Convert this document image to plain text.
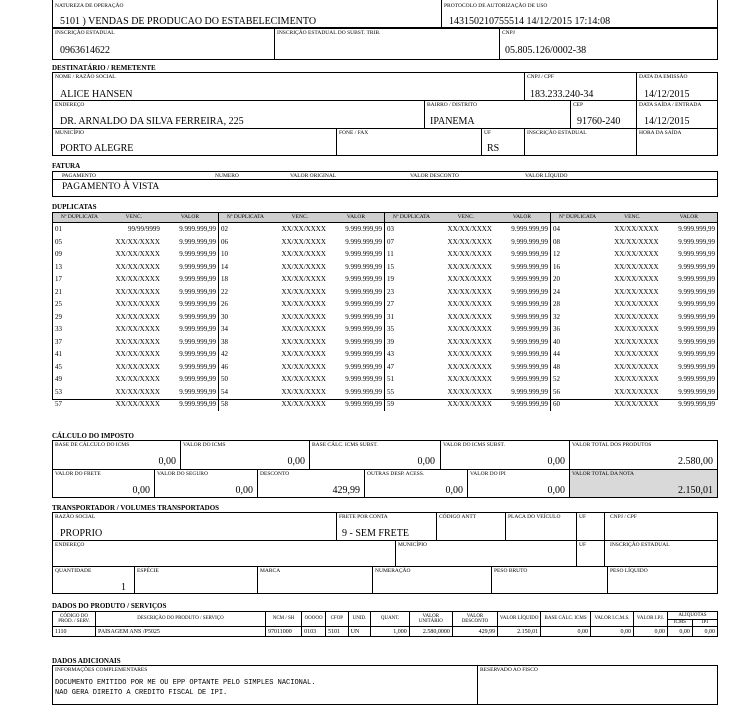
NATUREZA DE OPERAÇÃO
5101 ) VENDAS DE PRODUCAO DO ESTABELECIMENTO
PROTOCOLO DE AUTORIZAÇÃO DE USO
143150210755514 14/12/2015 17:14:08
INSCRIÇÃO ESTADUAL
0963614622
INSCRIÇÃO ESTADUAL DO SUBST. TRIB.	CNPJ
05.805.126/0002-38
DESTINATÁRIO / REMETENTE
NOME / RAZÃO SOCIAL
ALICE HANSEN
CNPJ / CPF
183.233.240-34
DATA DA EMISSÃO
14/12/2015
ENDEREÇO
DR. ARNALDO DA SILVA FERREIRA, 225
BAIRRO / DISTRITO
IPANEMA
CEP
91760-240
DATA SAÍDA / ENTRADA
14/12/2015
MUNICÍPIO
PORTO ALEGRE
FONE / FAX	UF
RS
INSCRIÇÃO ESTADUAL	HORA DA SAÍDA
FATURA
PAGAMENTO	NUMERO	VALOR ORIGINAL	VALOR DESCONTO	VALOR LÍQUIDO
PAGAMENTO À VISTA
DUPLICATAS
Nº DUPLICATA	VENC.	VALOR
01	99/99/9999	9.999.999,99
05	XX/XX/XXXX	9.999.999,99
09	XX/XX/XXXX	9.999.999,99
13	XX/XX/XXXX	9.999.999,99
17	XX/XX/XXXX	9.999.999,99
21	XX/XX/XXXX	9.999.999,99
25	XX/XX/XXXX	9.999.999,99
29	XX/XX/XXXX	9.999.999,99
33	XX/XX/XXXX	9.999.999,99
37	XX/XX/XXXX	9.999.999,99
41	XX/XX/XXXX	9.999.999,99
45	XX/XX/XXXX	9.999.999,99
49	XX/XX/XXXX	9.999.999,99
53	XX/XX/XXXX	9.999.999,99
57	XX/XX/XXXX	9.999.999,99
Nº DUPLICATA	VENC.	VALOR
02	XX/XX/XXXX	9.999.999,99
06	XX/XX/XXXX	9.999.999,99
10	XX/XX/XXXX	9.999.999,99
14	XX/XX/XXXX	9.999.999,99
18	XX/XX/XXXX	9.999.999,99
22	XX/XX/XXXX	9.999.999,99
26	XX/XX/XXXX	9.999.999,99
30	XX/XX/XXXX	9.999.999,99
34	XX/XX/XXXX	9.999.999,99
38	XX/XX/XXXX	9.999.999,99
42	XX/XX/XXXX	9.999.999,99
46	XX/XX/XXXX	9.999.999,99
50	XX/XX/XXXX	9.999.999,99
54	XX/XX/XXXX	9.999.999,99
58	XX/XX/XXXX	9.999.999,99
Nº DUPLICATA	VENC.	VALOR
03	XX/XX/XXXX	9.999.999,99
07	XX/XX/XXXX	9.999.999,99
11	XX/XX/XXXX	9.999.999,99
15	XX/XX/XXXX	9.999.999,99
19	XX/XX/XXXX	9.999.999,99
23	XX/XX/XXXX	9.999.999,99
27	XX/XX/XXXX	9.999.999,99
31	XX/XX/XXXX	9.999.999,99
35	XX/XX/XXXX	9.999.999,99
39	XX/XX/XXXX	9.999.999,99
43	XX/XX/XXXX	9.999.999,99
47	XX/XX/XXXX	9.999.999,99
51	XX/XX/XXXX	9.999.999,99
55	XX/XX/XXXX	9.999.999,99
59	XX/XX/XXXX	9.999.999,99
Nº DUPLICATA	VENC.	VALOR
04	XX/XX/XXXX	9.999.999,99
08	XX/XX/XXXX	9.999.999,99
12	XX/XX/XXXX	9.999.999,99
16	XX/XX/XXXX	9.999.999,99
20	XX/XX/XXXX	9.999.999,99
24	XX/XX/XXXX	9.999.999,99
28	XX/XX/XXXX	9.999.999,99
32	XX/XX/XXXX	9.999.999,99
36	XX/XX/XXXX	9.999.999,99
40	XX/XX/XXXX	9.999.999,99
44	XX/XX/XXXX	9.999.999,99
48	XX/XX/XXXX	9.999.999,99
52	XX/XX/XXXX	9.999.999,99
56	XX/XX/XXXX	9.999.999,99
60	XX/XX/XXXX	9.999.999,99
CÁLCULO DO IMPOSTO
BASE DE CÁLCULO DO ICMS
0,00
VALOR DO ICMS
0,00
BASE CÁLC. ICMS SUBST.
0,00
VALOR DO ICMS SUBST.
0,00
VALOR TOTAL DOS PRODUTOS
2.580,00
VALOR DO FRETE
0,00
VALOR DO SEGURO
0,00
DESCONTO
429,99
OUTRAS DESP. ACESS.
0,00
VALOR DO IPI
0,00
VALOR TOTAL DA NOTA
2.150,01
TRANSPORTADOR / VOLUMES TRANSPORTADOS
RAZÃO SOCIAL
PROPRIO
FRETE POR CONTA
9 - SEM FRETE
CÓDIGO ANTT	PLACA DO VEÍCULO	UF	CNPJ / CPF
ENDEREÇO	MUNICÍPIO	UF	INSCRIÇÃO ESTADUAL
QUANTIDADE
1
ESPÉCIE	MARCA	NUMERAÇÃO	PESO BRUTO	PESO LÍQUIDO
DADOS DO PRODUTO / SERVIÇOS
CÓDIGO DO PROD. / SERV.	DESCRIÇÃO DO PRODUTO / SERVIÇO	NCM / SH	OOOOO	CFOP	UNID.	QUANT.	VALOR UNITÁRIO	VALOR DESCONTO	VALOR LÍQUIDO	BASE CÁLC. ICMS	VALOR I.C.M.S.	VALOR I.P.I.	ALÍQUOTAS	
													ICMS	IPI
1110	PAISAGEM ANS /P5025	97011000	0103	5101	UN	1,000	2.580,0000	429,99	2.150,01	0,00	0,00	0,00	0,00	0,00
DADOS ADICIONAIS
INFORMAÇÕES COMPLEMENTARES
DOCUMENTO EMITIDO POR ME OU EPP OPTANTE PELO SIMPLES NACIONAL.
NAO GERA DIREITO A CREDITO FISCAL DE IPI.
RESERVADO AO FISCO
